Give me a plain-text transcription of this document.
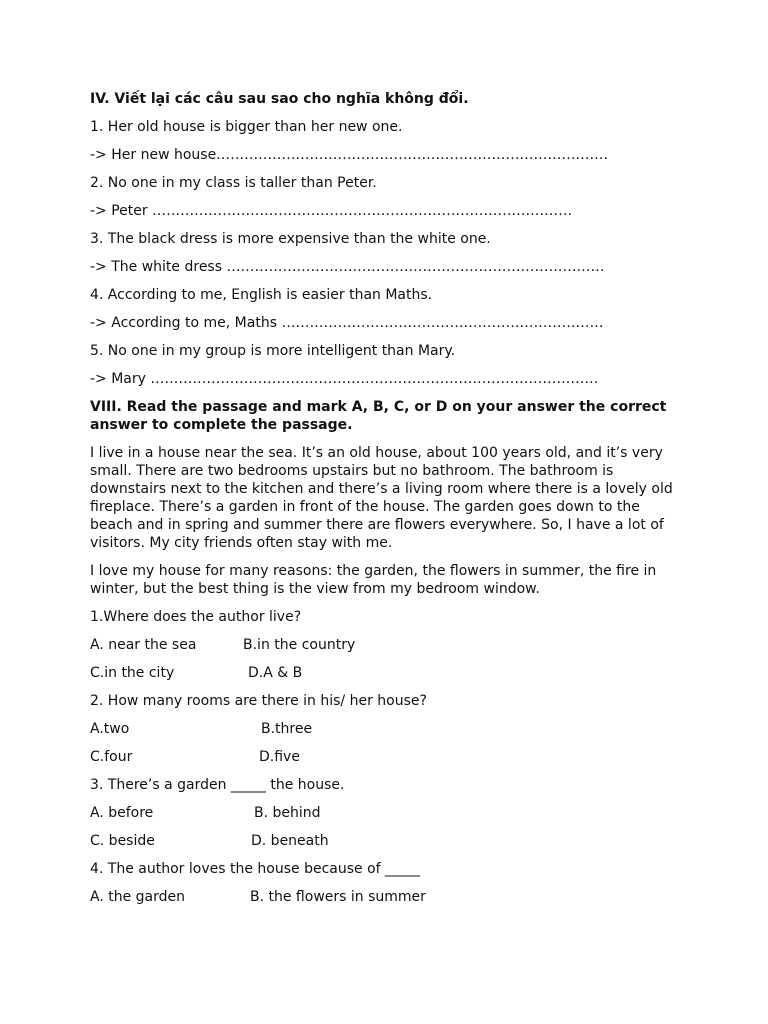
IV. Viết lại các câu sau sao cho nghĩa không đổi.
1. Her old house is bigger than her new one.
-> Her new house…………………………………………………………………………
2. No one in my class is taller than Peter.
-> Peter ………………………………………………………………………………
3. The black dress is more expensive than the white one.
-> The white dress ………………………………………………………………………
4. According to me, English is easier than Maths.
-> According to me, Maths ……………………………………………………………
5. No one in my group is more intelligent than Mary.
-> Mary ……………………………………………………………………………………
VIII. Read the passage and mark A, B, C, or D on your answer the correct answer to complete the passage.
I live in a house near the sea. It’s an old house, about 100 years old, and it’s very small. There are two bedrooms upstairs but no bathroom. The bathroom is downstairs next to the kitchen and there’s a living room where there is a lovely old fireplace. There’s a garden in front of the house. The garden goes down to the beach and in spring and summer there are flowers everywhere. So, I have a lot of visitors. My city friends often stay with me.
I love my house for many reasons: the garden, the flowers in summer, the fire in winter, but the best thing is the view from my bedroom window.
1.Where does the author live?
A. near the sea	B.in the country
C.in the city	D.A & B
2. How many rooms are there in his/ her house?
A.two	B.three
C.four	D.five
3. There’s a garden _____ the house.
A. before	B. behind
C. beside	D. beneath
4. The author loves the house because of _____
A. the garden	B. the flowers in summer
